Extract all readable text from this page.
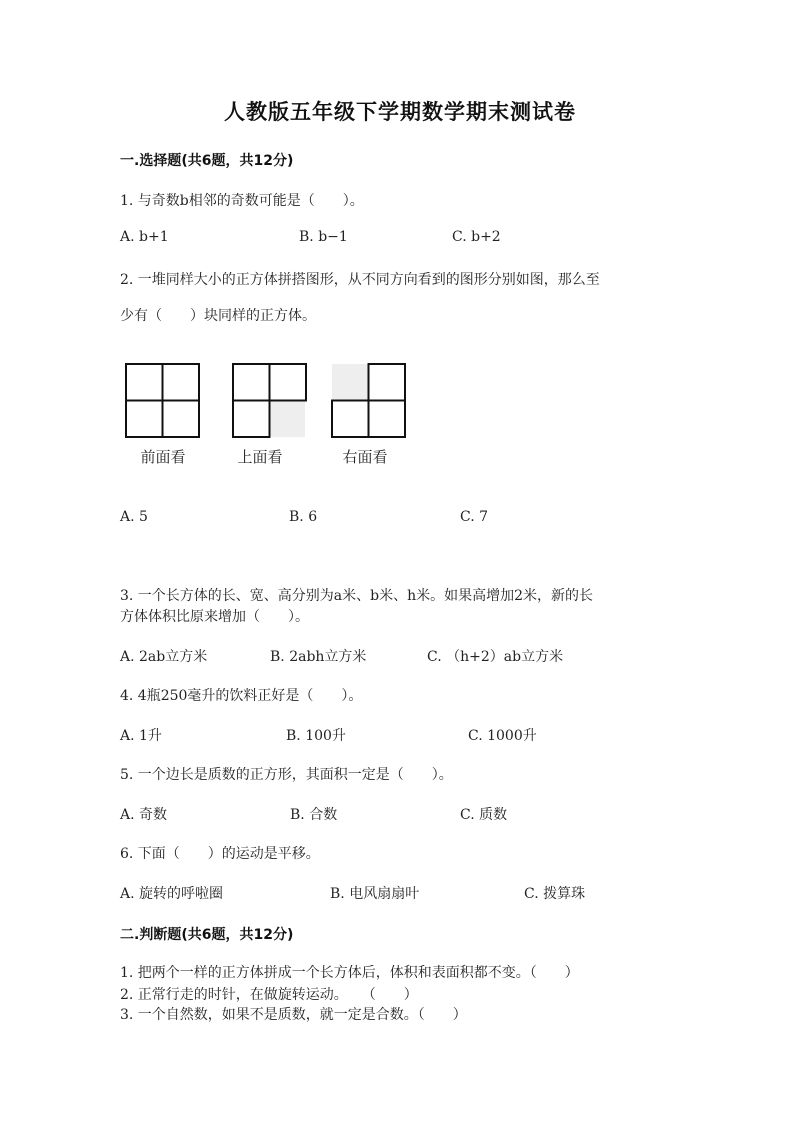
人教版五年级下学期数学期末测试卷
一.选择题(共6题，共12分)
1. 与奇数b相邻的奇数可能是（　　）。
A. b+1	B. b−1	C. b+2
2. 一堆同样大小的正方体拼搭图形，从不同方向看到的图形分别如图，那么至
少有（　　）块同样的正方体。
前面看	上面看	右面看
A. 5	B. 6	C. 7
3. 一个长方体的长、宽、高分别为a米、b米、h米。如果高增加2米，新的长
方体体积比原来增加（　　）。
A. 2ab立方米	B. 2abh立方米	C. （h+2）ab立方米
4. 4瓶250毫升的饮料正好是（　　）。
A. 1升	B. 100升	C. 1000升
5. 一个边长是质数的正方形，其面积一定是（　　）。
A. 奇数	B. 合数	C. 质数
6. 下面（　　）的运动是平移。
A. 旋转的呼啦圈	B. 电风扇扇叶	C. 拨算珠
二.判断题(共6题，共12分)
1. 把两个一样的正方体拼成一个长方体后，体积和表面积都不变。（　　）
2. 正常行走的时针，在做旋转运动。　　（　　）
3. 一个自然数，如果不是质数，就一定是合数。（　　）
